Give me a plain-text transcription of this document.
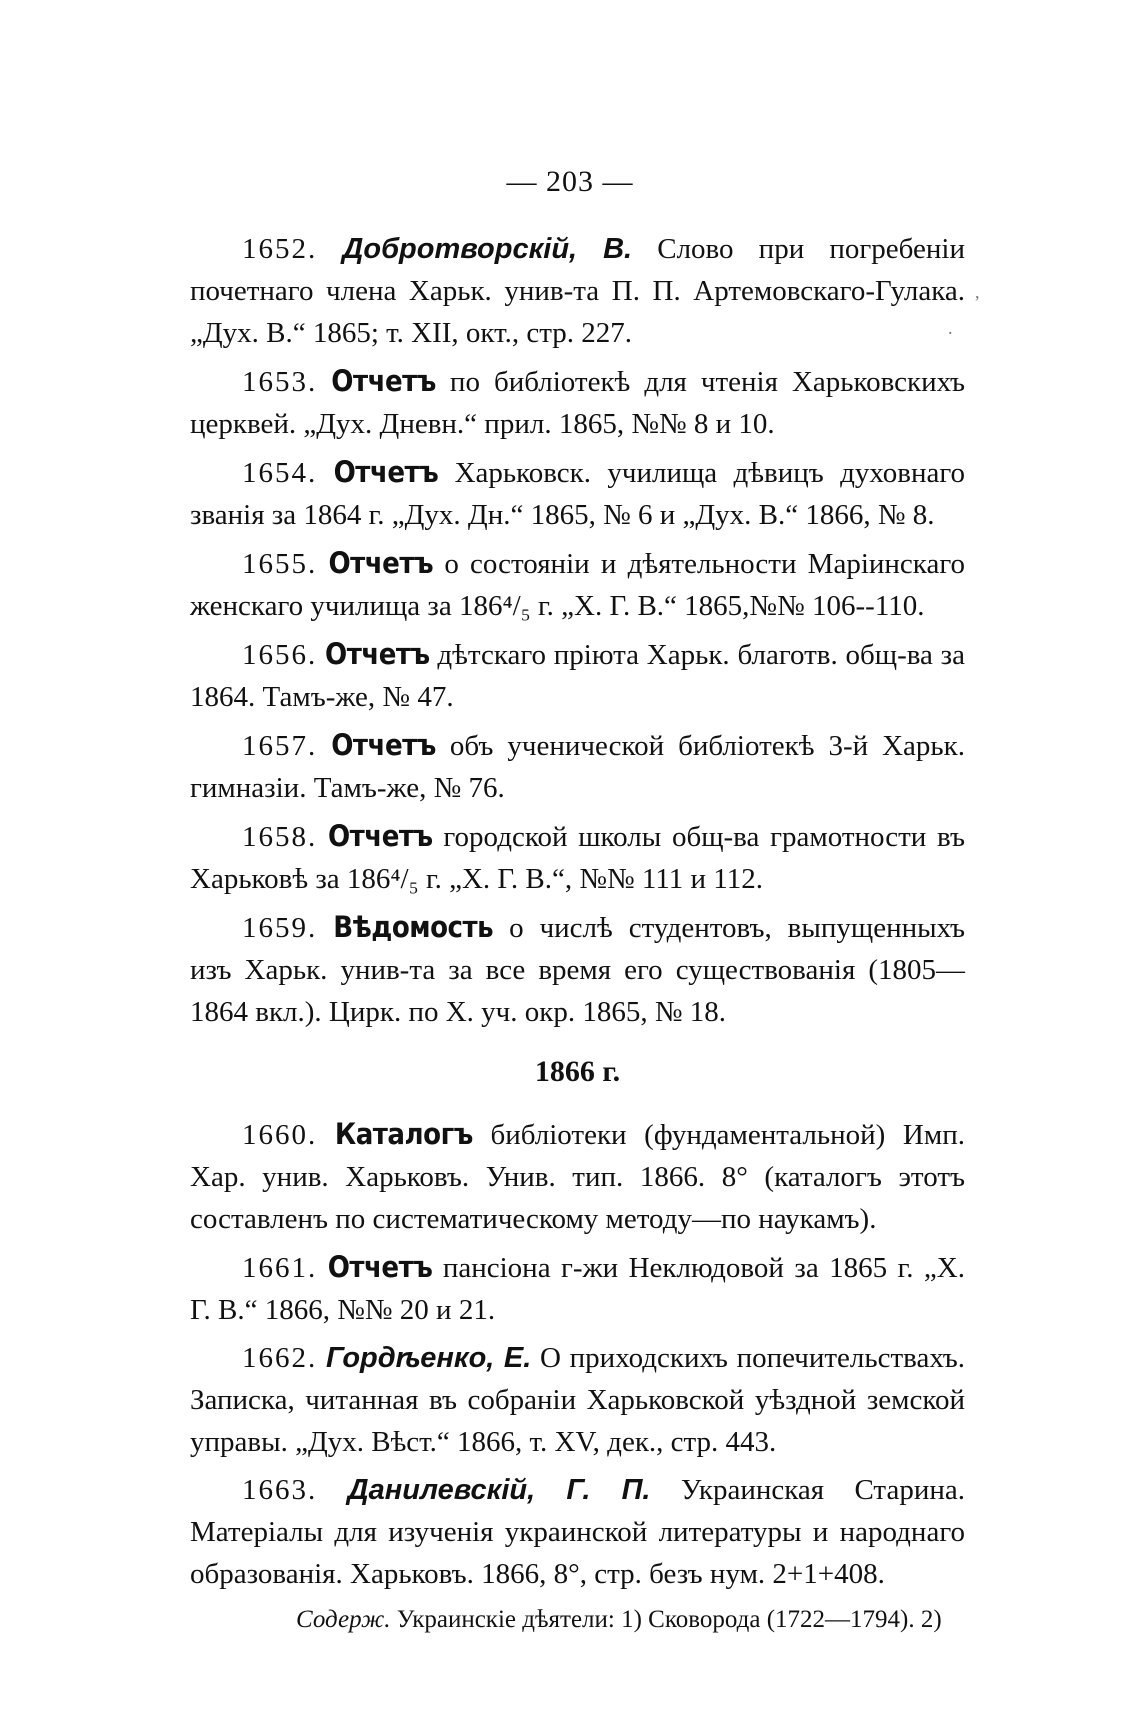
— 203 —

1652. Добротворскій, В. Слово при погребеніи почетнаго члена Харьк. унив-та П. П. Артемовскаго-Гулака. „Дух. В.“ 1865; т. XII, окт., стр. 227.

1653. Отчетъ по библіотекѣ для чтенія Харьковскихъ церквей. „Дух. Дневн.“ прил. 1865, №№ 8 и 10.

1654. Отчетъ Харьковск. училища дѣвицъ духовнаго званія за 1864 г. „Дух. Дн.“ 1865, № 6 и „Дух. В.“ 1866, № 8.

1655. Отчетъ о состояніи и дѣятельности Маріинскаго женскаго училища за 186⁴/₅ г. „Х. Г. В.“ 1865,№№ 106--110.

1656. Отчетъ дѣтскаго пріюта Харьк. благотв. общ-ва за 1864. Тамъ-же, № 47.

1657. Отчетъ объ ученической библіотекѣ 3-й Харьк. гимназіи. Тамъ-же, № 76.

1658. Отчетъ городской школы общ-ва грамотности въ Харьковѣ за 186⁴/₅ г. „Х. Г. В.“, №№ 111 и 112.

1659. Вѣдомость о числѣ студентовъ, выпущенныхъ изъ Харьк. унив-та за все время его существованія (1805—1864 вкл.). Цирк. по Х. уч. окр. 1865, № 18.

1866 г.

1660. Каталогъ библіотеки (фундаментальной) Имп. Хар. унив. Харьковъ. Унив. тип. 1866. 8° (каталогъ этотъ составленъ по систематическому методу—по наукамъ).

1661. Отчетъ пансіона г-жи Неклюдовой за 1865 г. „Х. Г. В.“ 1866, №№ 20 и 21.

1662. Гордѣенко, Е. О приходскихъ попечительствахъ. Записка, читанная въ собраніи Харьковской уѣздной земской управы. „Дух. Вѣст.“ 1866, т. XV, дек., стр. 443.

1663. Данилевскій, Г. П. Украинская Старина. Матеріалы для изученія украинской литературы и народнаго образованія. Харьковъ. 1866, 8°, стр. безъ нум. 2+1+408.

Содерж. Украинскіе дѣятели: 1) Сковорода (1722—1794). 2)

,
.
